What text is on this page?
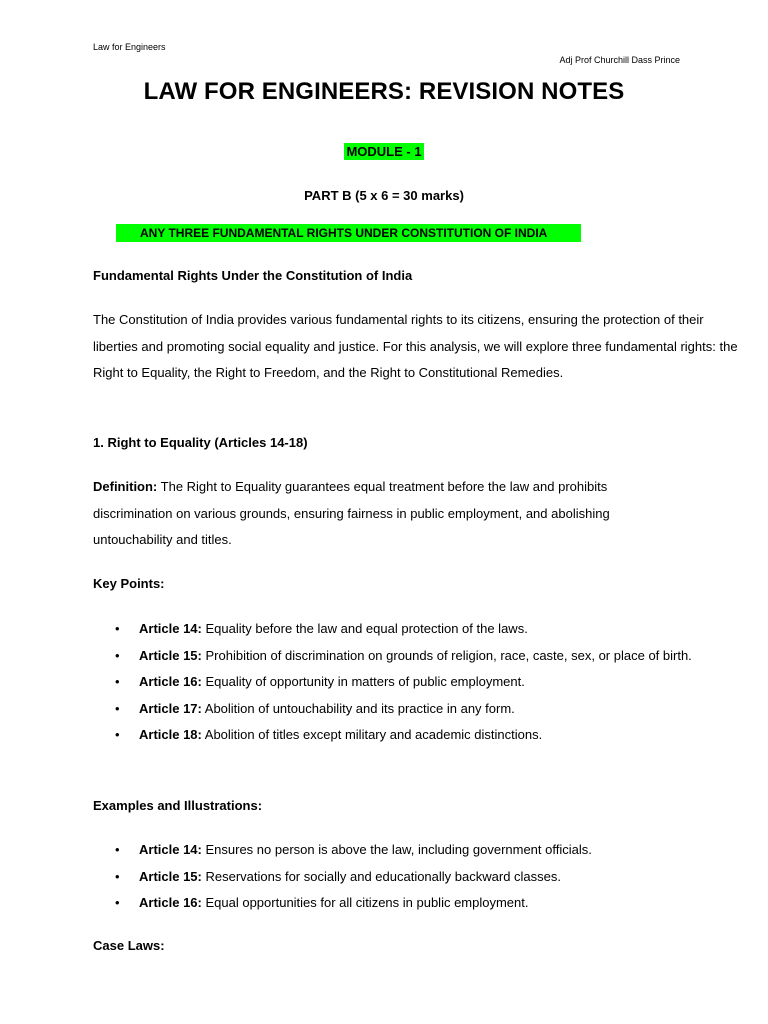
Law for Engineers
Adj Prof Churchill Dass Prince
LAW FOR ENGINEERS: REVISION NOTES
MODULE - 1
PART B (5 x 6 = 30 marks)
ANY THREE FUNDAMENTAL RIGHTS UNDER CONSTITUTION OF INDIA
Fundamental Rights Under the Constitution of India
The Constitution of India provides various fundamental rights to its citizens, ensuring the protection of their liberties and promoting social equality and justice. For this analysis, we will explore three fundamental rights: the Right to Equality, the Right to Freedom, and the Right to Constitutional Remedies.
1. Right to Equality (Articles 14-18)
Definition: The Right to Equality guarantees equal treatment before the law and prohibits discrimination on various grounds, ensuring fairness in public employment, and abolishing untouchability and titles.
Key Points:
• Article 14: Equality before the law and equal protection of the laws.
• Article 15: Prohibition of discrimination on grounds of religion, race, caste, sex, or place of birth.
• Article 16: Equality of opportunity in matters of public employment.
• Article 17: Abolition of untouchability and its practice in any form.
• Article 18: Abolition of titles except military and academic distinctions.
Examples and Illustrations:
• Article 14: Ensures no person is above the law, including government officials.
• Article 15: Reservations for socially and educationally backward classes.
• Article 16: Equal opportunities for all citizens in public employment.
Case Laws:
